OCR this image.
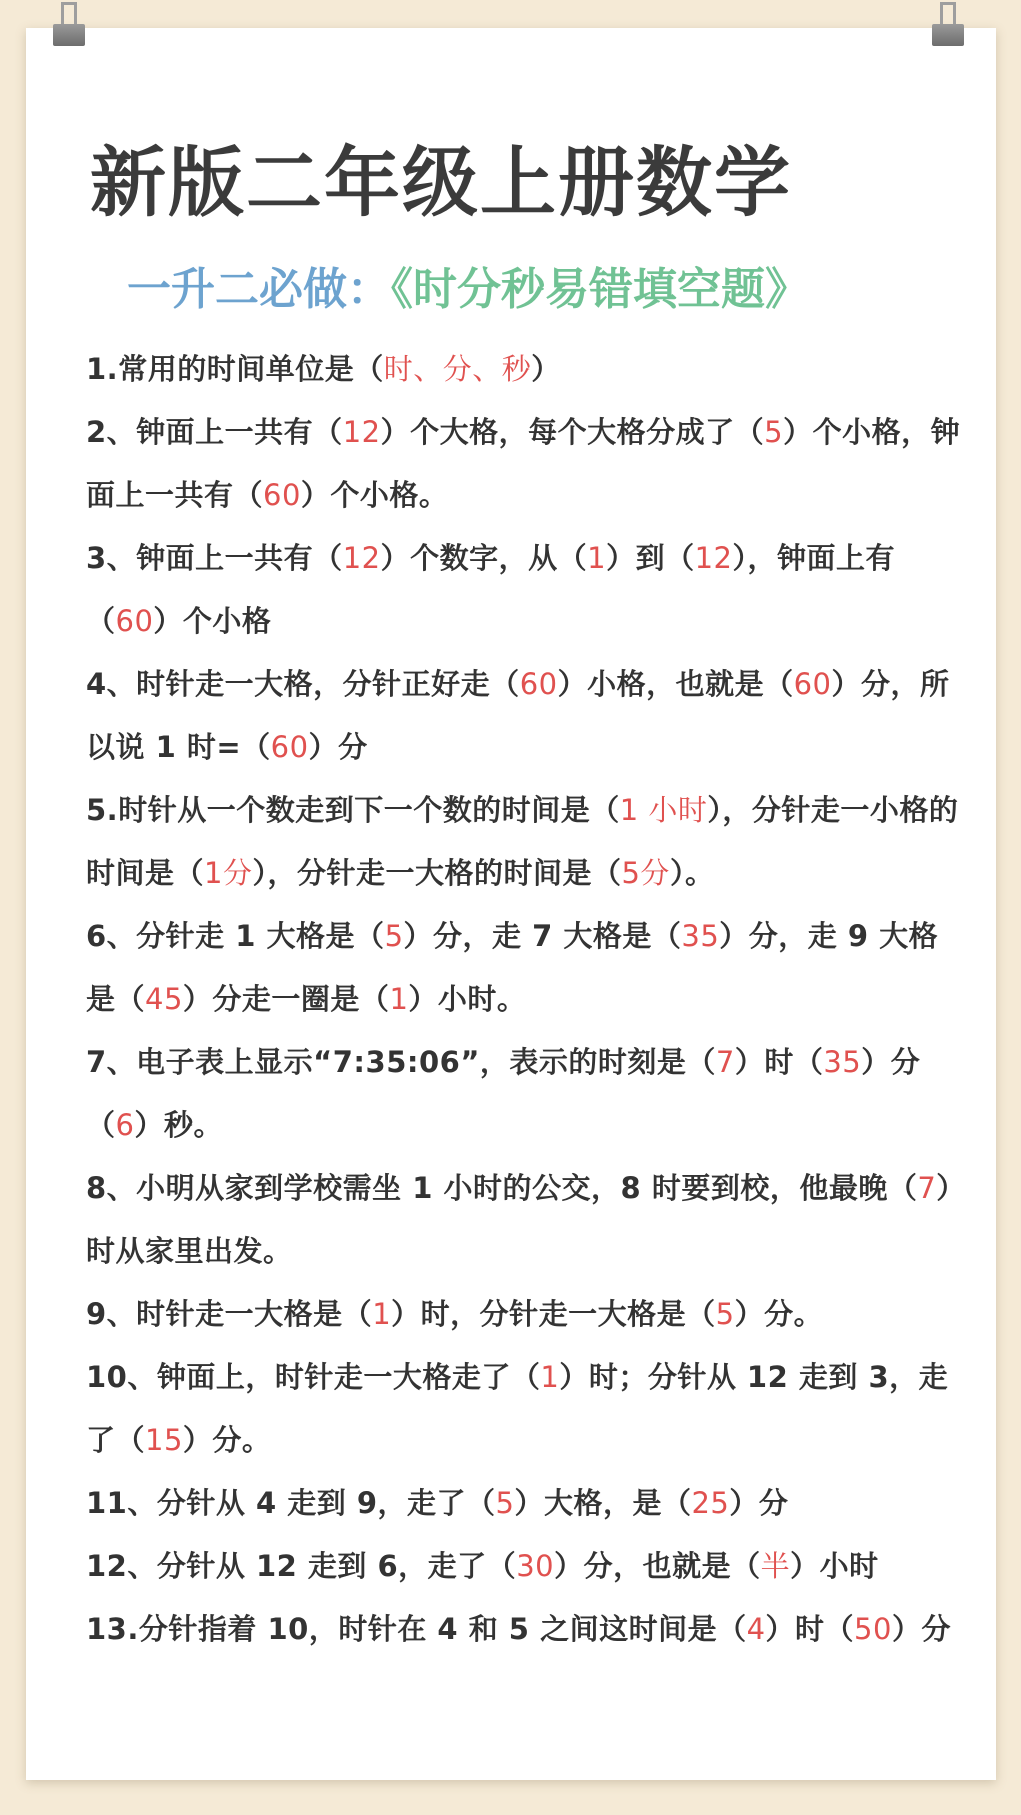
新版二年级上册数学
一升二必做：《时分秒易错填空题》

1.常用的时间单位是（时、分、秒）

2、钟面上一共有（12）个大格，每个大格分成了（5）个小格，钟面上一共有（60）个小格。

3、钟面上一共有（12）个数字，从（1）到（12），钟面上有（60）个小格

4、时针走一大格，分针正好走（60）小格，也就是（60）分，所以说 1 时=（60）分

5.时针从一个数走到下一个数的时间是（1 小时），分针走一小格的时间是（1分），分针走一大格的时间是（5分）。

6、分针走 1 大格是（5）分，走 7 大格是（35）分，走 9 大格是（45）分走一圈是（1）小时。

7、电子表上显示“7:35:06”，表示的时刻是（7）时（35）分（6）秒。

8、小明从家到学校需坐 1 小时的公交，8 时要到校，他最晚（7）时从家里出发。

9、时针走一大格是（1）时，分针走一大格是（5）分。

10、钟面上，时针走一大格走了（1）时；分针从 12 走到 3，走了（15）分。

11、分针从 4 走到 9，走了（5）大格，是（25）分

12、分针从 12 走到 6，走了（30）分，也就是（半）小时

13.分针指着 10，时针在 4 和 5 之间这时间是（4）时（50）分
